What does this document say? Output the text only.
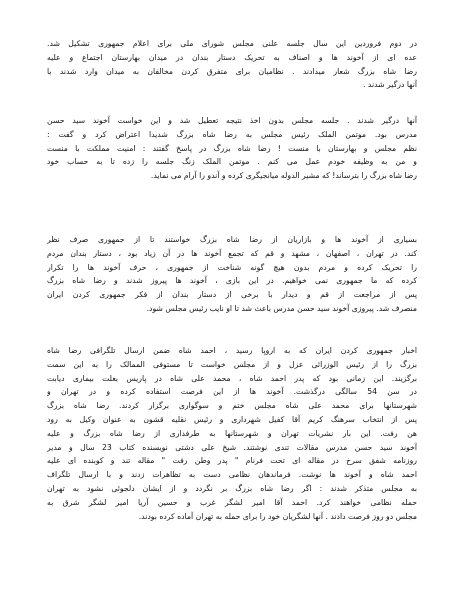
در دوم فروردین این سال جلسه علنی مجلس شورای ملی برای اعلام جمهوری تشکیل شد.
عده ای از آخوند ها و اصناف به تحریک دستار بندان در میدان بهارستان اجتماع و علیه
رضا شاه بزرگ شعار میدادند . نظامیان برای متفرق کردن مخالفان به میدان وارد شدند با
آنها درگیر شدند .
آنها درگیر شدند . جلسه مجلس بدون اخذ نتیجه تعطیل شد و این خواست آخوند سید حسن
مدرس بود. موتمن الملک رئیس مجلس به رضا شاه بزرگ شدیدا اعتراض کرد و گفت :
نظم مجلس و بهارستان با منست ! رضا شاه بزرگ در پاسخ گفتند : امنیت مملکت با منست
و من به وظیفه خودم عمل می کنم . موتمن الملک زنگ جلسه را زده تا به حساب خود
رضا شاه بزرگ را بترساند! که مشیر الدوله میانجیگری کرده و آندو را آرام می نماید.
بسیاری از آخوند ها و بازاریان از رضا شاه بزرگ خواستند تا از جمهوری صرف نظر
کند. در تهران ، اصفهان ، مشهد و قم که تجمع آخوند ها در آن زیاد بود ، دستار بندان مردم
را تحریک کرده و مردم بدون هیچ گونه شناخت از جمهوری ، حرف آخوند ها را تکرار
کرده که ما جمهوری نمی خواهیم. در این بازی ، آخوند ها پیروز شدند و رضا شاه بزرگ
پس از مراجعت از قم و دیدار با برخی از دستار بندان از فکر جمهوری کردن ایران
منصرف شد. پیروزی آخوند سید حسن مدرس باعث شد تا او نایب رئیس مجلس شود.
اخبار جمهوری کردن ایران که به اروپا رسید ، احمد شاه ضمن ارسال تلگرافی رضا شاه
بزرگ را از رئیس الوزرائی عزل و از مجلس خواست تا مستوفی الممالک را به این سمت
برگزیند. این زمانی بود که پدر احمد شاه ، محمد علی شاه در پاریس بعلت بیماری دیابت
در سن 54 سالگی درگذشت. آخوند ها از این فرصت استفاده کرده و در تهران و
شهرستانها برای محمد علی شاه مجلس ختم و سوگواری برگزار کردند. رضا شاه بزرگ
پس از انتخاب سرهنگ کریم آقا کفیل شهرداری و رئیس نقلیه قشون به عنوان وکیل به رود
هن رفت. این بار نشریات تهران و شهرستانها به طرفداری از رضا شاه بزرگ و علیه
آخوند سید حسن مدرس مقالات تندی نوشتند. شیخ علی دشتی نویسنده کتاب 23 سال و مدیر
روزنامه شفق سرخ در مقاله ای تحت فرنام " پدر وطن رفت " مقاله تند و کوبنده ای علیه
احمد شاه و آخوند ها نوشت. فرماندهان نظامی دست به تظاهرات زدند و با ارسال تلگراف
به مجلس متذکر شدند : اگر رضا شاه بزرگ بر نگردد و از ایشان دلجوئی نشود به تهران
حمله نظامی خواهند کرد. احمد آقا امیر لشگر غرب و حسین آریا امیر لشگر شرق به
مجلس دو روز فرصت دادند . آنها لشگریان خود را برای حمله به تهران آماده کرده بودند.
